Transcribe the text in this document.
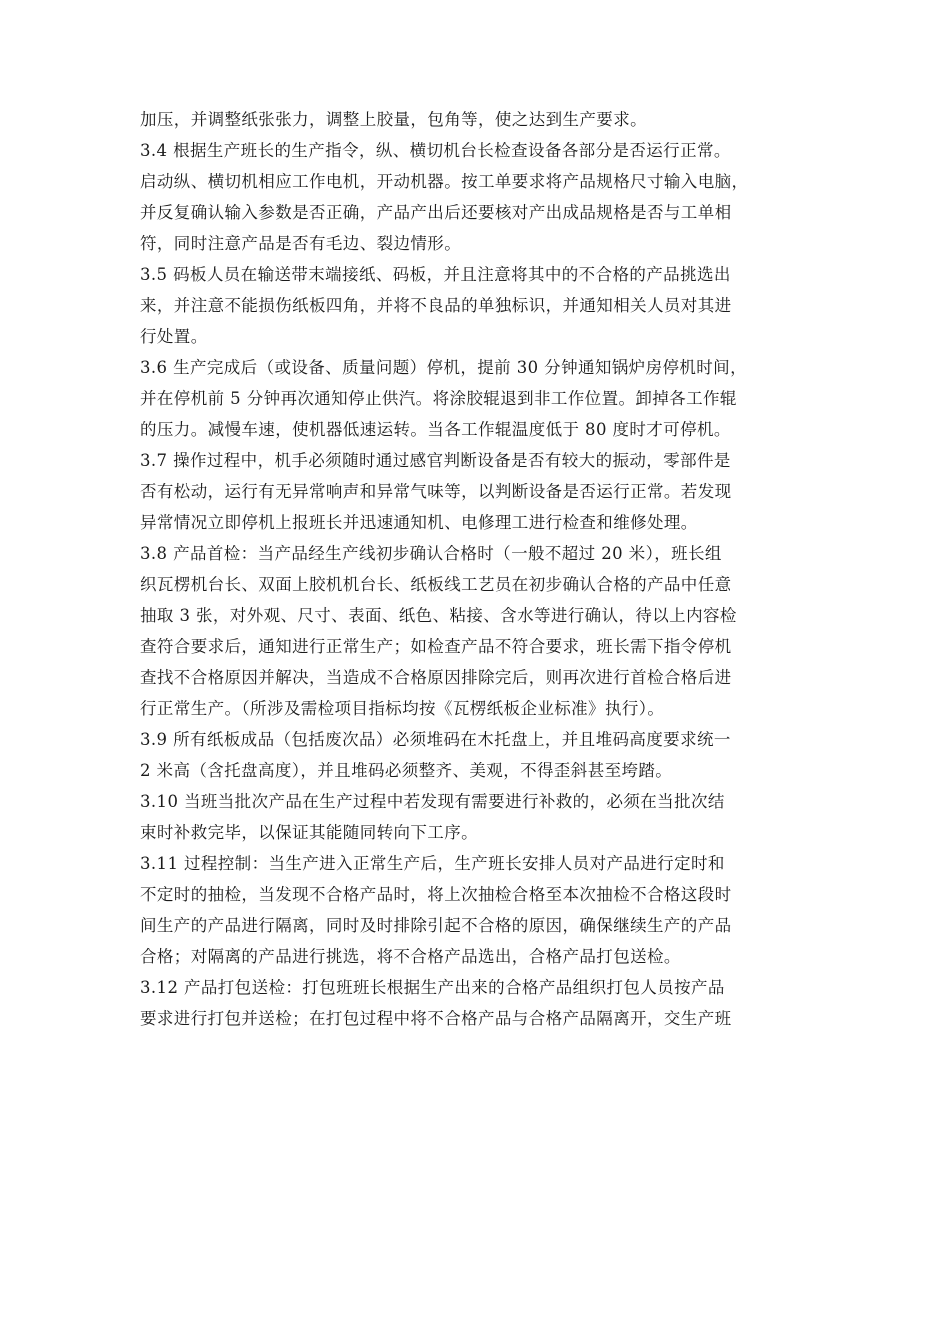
加压，并调整纸张张力，调整上胶量，包角等，使之达到生产要求。
3.4 根据生产班长的生产指令，纵、横切机台长检查设备各部分是否运行正常。
启动纵、横切机相应工作电机，开动机器。按工单要求将产品规格尺寸输入电脑，
并反复确认输入参数是否正确，产品产出后还要核对产出成品规格是否与工单相
符，同时注意产品是否有毛边、裂边情形。
3.5 码板人员在输送带末端接纸、码板，并且注意将其中的不合格的产品挑选出
来，并注意不能损伤纸板四角，并将不良品的单独标识，并通知相关人员对其进
行处置。
3.6 生产完成后（或设备、质量问题）停机，提前 30 分钟通知锅炉房停机时间，
并在停机前 5 分钟再次通知停止供汽。将涂胶辊退到非工作位置。卸掉各工作辊
的压力。减慢车速，使机器低速运转。当各工作辊温度低于 80 度时才可停机。
3.7 操作过程中，机手必须随时通过感官判断设备是否有较大的振动，零部件是
否有松动，运行有无异常响声和异常气味等，以判断设备是否运行正常。若发现
异常情况立即停机上报班长并迅速通知机、电修理工进行检查和维修处理。
3.8 产品首检：当产品经生产线初步确认合格时（一般不超过 20 米），班长组
织瓦楞机台长、双面上胶机机台长、纸板线工艺员在初步确认合格的产品中任意
抽取 3 张，对外观、尺寸、表面、纸色、粘接、含水等进行确认，待以上内容检
查符合要求后，通知进行正常生产；如检查产品不符合要求，班长需下指令停机
查找不合格原因并解决，当造成不合格原因排除完后，则再次进行首检合格后进
行正常生产。（所涉及需检项目指标均按《瓦楞纸板企业标准》执行）。
3.9 所有纸板成品（包括废次品）必须堆码在木托盘上，并且堆码高度要求统一
2 米高（含托盘高度），并且堆码必须整齐、美观，不得歪斜甚至垮踏。
3.10 当班当批次产品在生产过程中若发现有需要进行补救的，必须在当批次结
束时补救完毕，以保证其能随同转向下工序。
3.11 过程控制：当生产进入正常生产后，生产班长安排人员对产品进行定时和
不定时的抽检，当发现不合格产品时，将上次抽检合格至本次抽检不合格这段时
间生产的产品进行隔离，同时及时排除引起不合格的原因，确保继续生产的产品
合格；对隔离的产品进行挑选，将不合格产品选出，合格产品打包送检。
3.12 产品打包送检：打包班班长根据生产出来的合格产品组织打包人员按产品
要求进行打包并送检；在打包过程中将不合格产品与合格产品隔离开，交生产班
